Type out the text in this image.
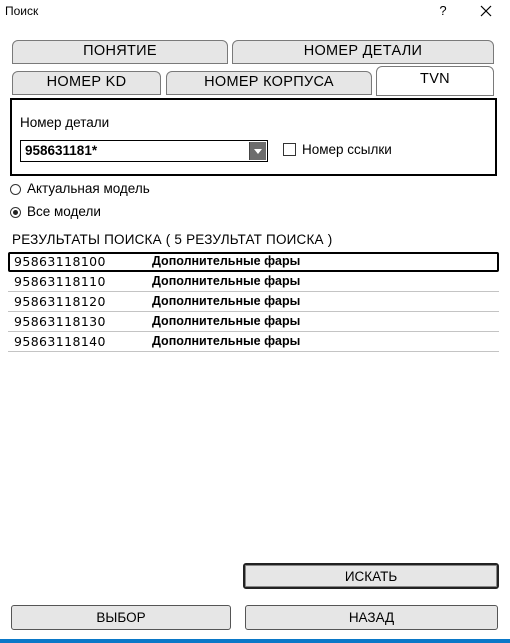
Поиск	?
ПОНЯТИЕ	НОМЕР ДЕТАЛИ
НОМЕР KD	НОМЕР КОРПУСА	TVN
Номер детали
958631181*	Номер ссылки
Актуальная модель
Все модели
РЕЗУЛЬТАТЫ ПОИСКА ( 5 РЕЗУЛЬТАТ ПОИСКА )
95863118100	Дополнительные фары
95863118110	Дополнительные фары
95863118120	Дополнительные фары
95863118130	Дополнительные фары
95863118140	Дополнительные фары
ИСКАТЬ
ВЫБОР	НАЗАД
